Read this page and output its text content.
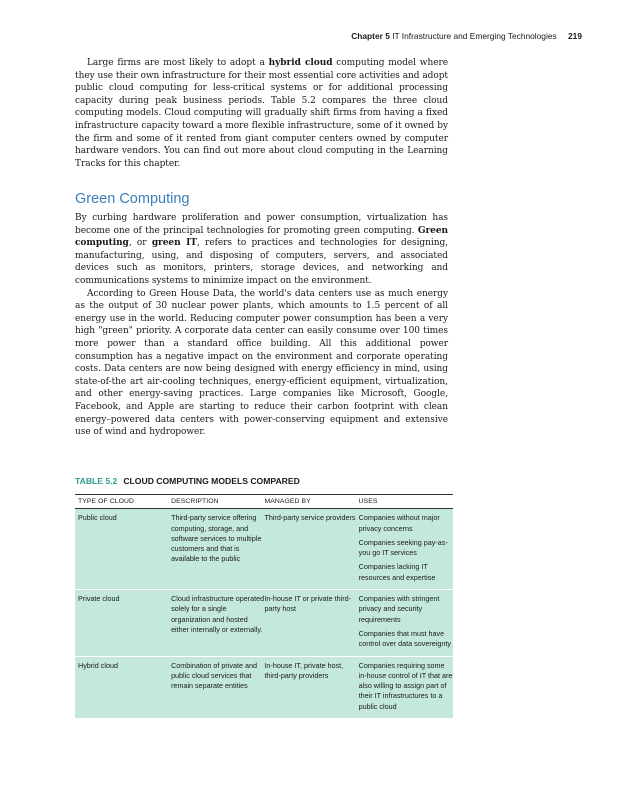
Chapter 5 IT Infrastructure and Emerging Technologies 219

Large firms are most likely to adopt a hybrid cloud computing model where they use their own infrastructure for their most essential core activities and adopt public cloud computing for less-critical systems or for additional processing capacity during peak business periods. Table 5.2 compares the three cloud computing models. Cloud computing will gradually shift firms from having a fixed infrastructure capacity toward a more flexible infrastructure, some of it owned by the firm and some of it rented from giant computer centers owned by computer hardware vendors. You can find out more about cloud computing in the Learning Tracks for this chapter.

Green Computing

By curbing hardware proliferation and power consumption, virtualization has become one of the principal technologies for promoting green computing. Green computing, or green IT, refers to practices and technologies for designing, manufacturing, using, and disposing of computers, servers, and associated devices such as monitors, printers, storage devices, and networking and communications systems to minimize impact on the environment.

According to Green House Data, the world's data centers use as much energy as the output of 30 nuclear power plants, which amounts to 1.5 percent of all energy use in the world. Reducing computer power consumption has been a very high "green" priority. A corporate data center can easily consume over 100 times more power than a standard office building. All this additional power consumption has a negative impact on the environment and corporate operating costs. Data centers are now being designed with energy efficiency in mind, using state-of-the art air-cooling techniques, energy-efficient equipment, virtualization, and other energy-saving practices. Large companies like Microsoft, Google, Facebook, and Apple are starting to reduce their carbon footprint with clean energy–powered data centers with power-conserving equipment and extensive use of wind and hydropower.

TABLE 5.2 CLOUD COMPUTING MODELS COMPARED
TYPE OF CLOUD	DESCRIPTION	MANAGED BY	USES
Public cloud	Third-party service offering computing, storage, and software services to multiple customers and that is available to the public	Third-party service providers	Companies without major privacy concerns
Companies seeking pay-as-you go IT services
Companies lacking IT resources and expertise

Private cloud	Cloud infrastructure operated solely for a single organization and hosted either internally or externally.	In-house IT or private third-party host	Companies with stringent privacy and security requirements
Companies that must have control over data sovereignty

Hybrid cloud	Combination of private and public cloud services that remain separate entities	In-house IT, private host, third-party providers	Companies requiring some in-house control of IT that are also willing to assign part of their IT infrastructures to a public cloud
